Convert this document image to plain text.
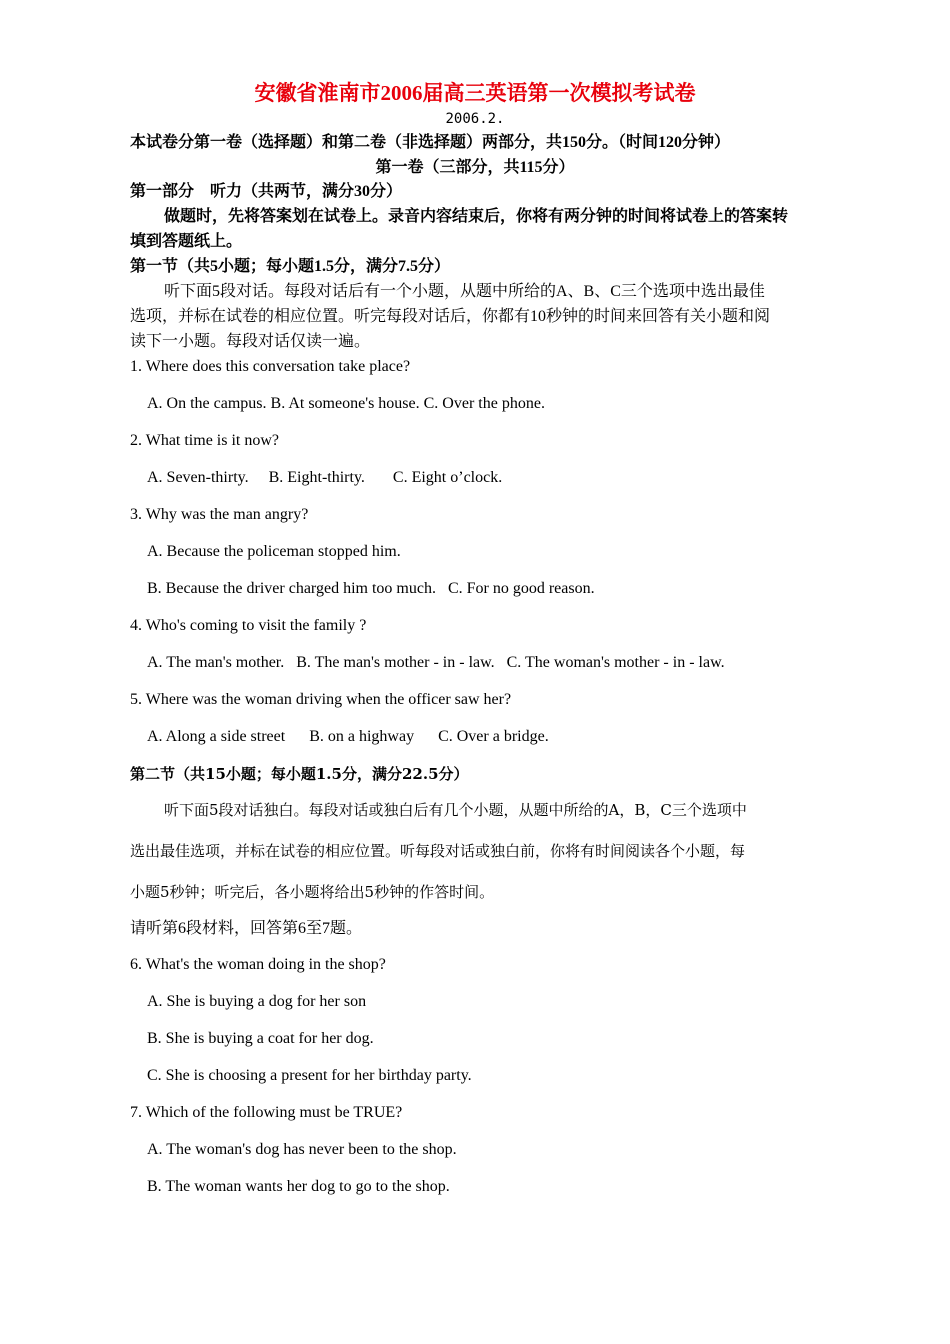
安徽省淮南市2006届高三英语第一次模拟考试卷
2006.2.
本试卷分第一卷（选择题）和第二卷（非选择题）两部分，共150分。（时间120分钟）
第一卷（三部分，共115分）
第一部分　听力（共两节，满分30分）
做题时，先将答案划在试卷上。录音内容结束后，你将有两分钟的时间将试卷上的答案转
填到答题纸上。
第一节（共5小题；每小题1.5分，满分7.5分）
听下面5段对话。每段对话后有一个小题，从题中所给的A、B、C三个选项中选出最佳
选项，并标在试卷的相应位置。听完每段对话后，你都有10秒钟的时间来回答有关小题和阅
读下一小题。每段对话仅读一遍。
1. Where does this conversation take place?
A. On the campus. B. At someone's house. C. Over the phone.
2. What time is it now?
A. Seven-thirty.     B. Eight-thirty.       C. Eight o’clock.
3. Why was the man angry?
A. Because the policeman stopped him.
B. Because the driver charged him too much.   C. For no good reason.
4. Who's coming to visit the family ?
A. The man's mother.   B. The man's mother - in - law.   C. The woman's mother - in - law.
5. Where was the woman driving when the officer saw her?
A. Along a side street      B. on a highway      C. Over a bridge.
第二节（共15小题；每小题1.5分，满分22.5分）
听下面5段对话独白。每段对话或独白后有几个小题，从题中所给的A，B，C三个选项中
选出最佳选项，并标在试卷的相应位置。听每段对话或独白前，你将有时间阅读各个小题，每
小题5秒钟；听完后，各小题将给出5秒钟的作答时间。
请听第6段材料，回答第6至7题。
6. What's the woman doing in the shop?
A. She is buying a dog for her son
B. She is buying a coat for her dog.
C. She is choosing a present for her birthday party.
7. Which of the following must be TRUE?
A. The woman's dog has never been to the shop.
B. The woman wants her dog to go to the shop.
